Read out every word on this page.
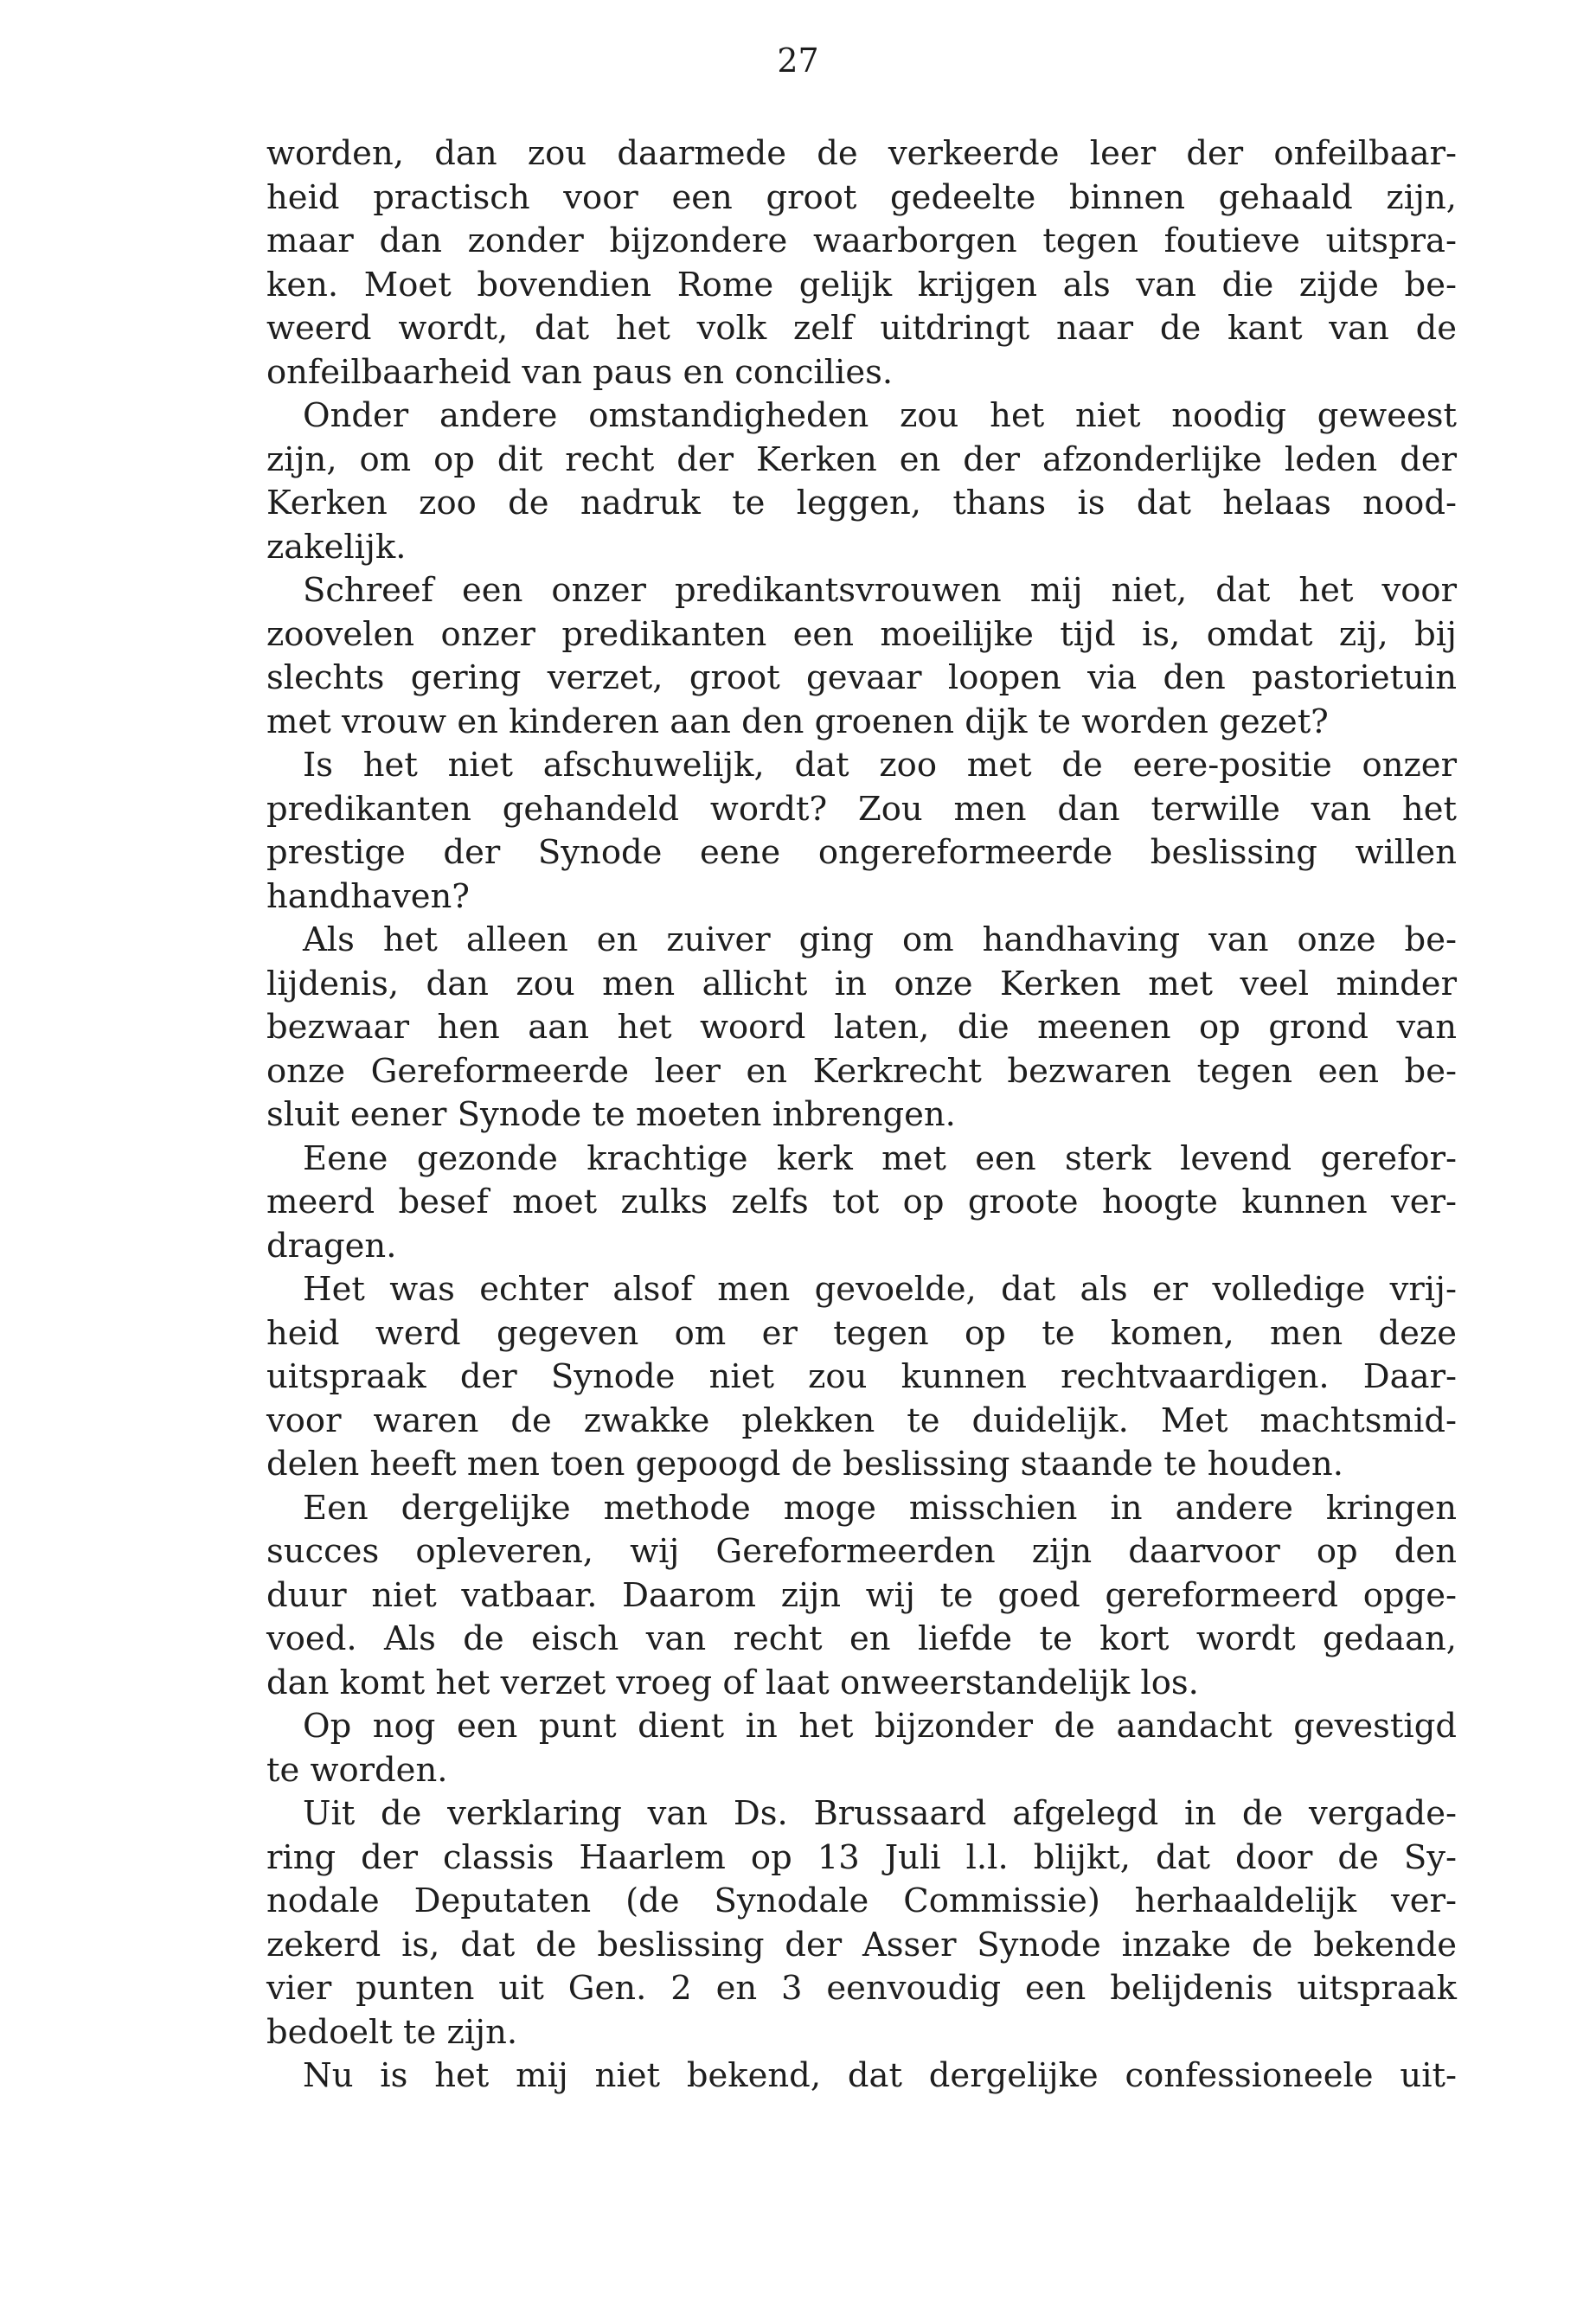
27
worden, dan zou daarmede de verkeerde leer der onfeilbaar-
heid practisch voor een groot gedeelte binnen gehaald zijn,
maar dan zonder bijzondere waarborgen tegen foutieve uitspra-
ken. Moet bovendien Rome gelijk krijgen als van die zijde be-
weerd wordt, dat het volk zelf uitdringt naar de kant van de
onfeilbaarheid van paus en concilies.
Onder andere omstandigheden zou het niet noodig geweest
zijn, om op dit recht der Kerken en der afzonderlijke leden der
Kerken zoo de nadruk te leggen, thans is dat helaas nood-
zakelijk.
Schreef een onzer predikantsvrouwen mij niet, dat het voor
zoovelen onzer predikanten een moeilijke tijd is, omdat zij, bij
slechts gering verzet, groot gevaar loopen via den pastorietuin
met vrouw en kinderen aan den groenen dijk te worden gezet?
Is het niet afschuwelijk, dat zoo met de eere-positie onzer
predikanten gehandeld wordt? Zou men dan terwille van het
prestige der Synode eene ongereformeerde beslissing willen
handhaven?
Als het alleen en zuiver ging om handhaving van onze be-
lijdenis, dan zou men allicht in onze Kerken met veel minder
bezwaar hen aan het woord laten, die meenen op grond van
onze Gereformeerde leer en Kerkrecht bezwaren tegen een be-
sluit eener Synode te moeten inbrengen.
Eene gezonde krachtige kerk met een sterk levend gerefor-
meerd besef moet zulks zelfs tot op groote hoogte kunnen ver-
dragen.
Het was echter alsof men gevoelde, dat als er volledige vrij-
heid werd gegeven om er tegen op te komen, men deze
uitspraak der Synode niet zou kunnen rechtvaardigen. Daar-
voor waren de zwakke plekken te duidelijk. Met machtsmid-
delen heeft men toen gepoogd de beslissing staande te houden.
Een dergelijke methode moge misschien in andere kringen
succes opleveren, wij Gereformeerden zijn daarvoor op den
duur niet vatbaar. Daarom zijn wij te goed gereformeerd opge-
voed. Als de eisch van recht en liefde te kort wordt gedaan,
dan komt het verzet vroeg of laat onweerstandelijk los.
Op nog een punt dient in het bijzonder de aandacht gevestigd
te worden.
Uit de verklaring van Ds. Brussaard afgelegd in de vergade-
ring der classis Haarlem op 13 Juli l.l. blijkt, dat door de Sy-
nodale Deputaten (de Synodale Commissie) herhaaldelijk ver-
zekerd is, dat de beslissing der Asser Synode inzake de bekende
vier punten uit Gen. 2 en 3 eenvoudig een belijdenis uitspraak
bedoelt te zijn.
Nu is het mij niet bekend, dat dergelijke confessioneele uit-
